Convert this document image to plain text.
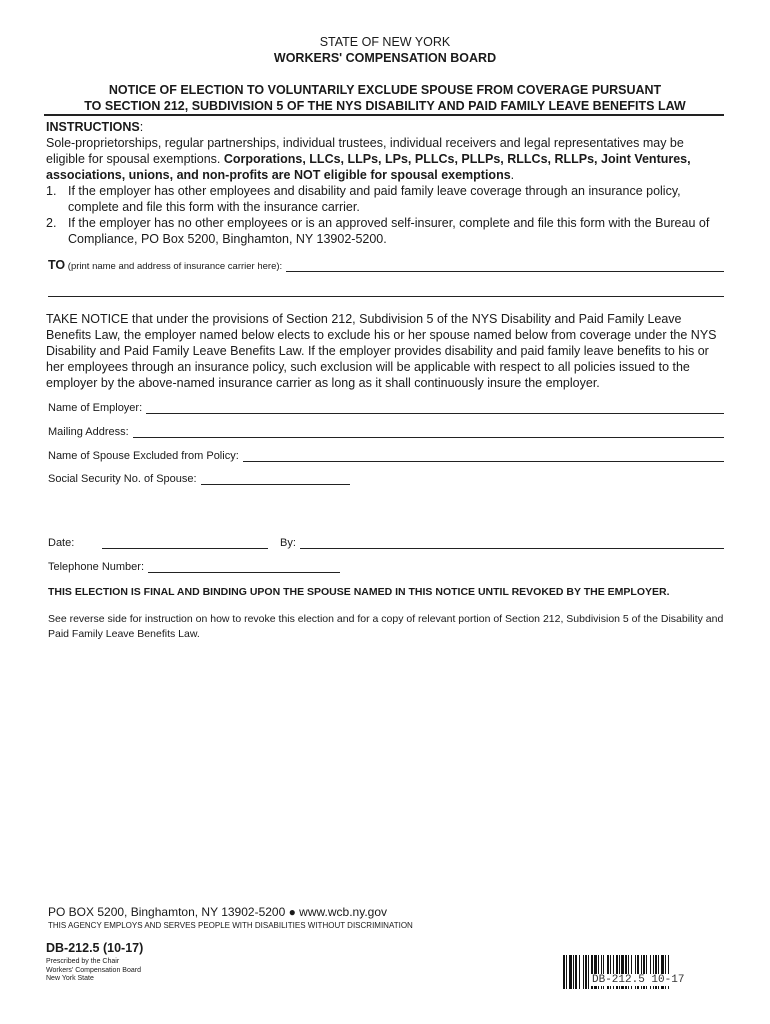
STATE OF NEW YORK
WORKERS' COMPENSATION BOARD
NOTICE OF ELECTION TO VOLUNTARILY EXCLUDE SPOUSE FROM COVERAGE PURSUANT
TO SECTION 212, SUBDIVISION 5 OF THE NYS DISABILITY AND PAID FAMILY LEAVE BENEFITS LAW
INSTRUCTIONS:
Sole-proprietorships, regular partnerships, individual trustees, individual receivers and legal representatives may be eligible for spousal exemptions. Corporations, LLCs, LLPs, LPs, PLLCs, PLLPs, RLLCs, RLLPs, Joint Ventures, associations, unions, and non-profits are NOT eligible for spousal exemptions.
1. If the employer has other employees and disability and paid family leave coverage through an insurance policy, complete and file this form with the insurance carrier.
2. If the employer has no other employees or is an approved self-insurer, complete and file this form with the Bureau of Compliance, PO Box 5200, Binghamton, NY 13902-5200.
TO (print name and address of insurance carrier here):
TAKE NOTICE that under the provisions of Section 212, Subdivision 5 of the NYS Disability and Paid Family Leave Benefits Law, the employer named below elects to exclude his or her spouse named below from coverage under the NYS Disability and Paid Family Leave Benefits Law. If the employer provides disability and paid family leave benefits to his or her employees through an insurance policy, such exclusion will be applicable with respect to all policies issued to the employer by the above-named insurance carrier as long as it shall continuously insure the employer.
Name of Employer:
Mailing Address:
Name of Spouse Excluded from Policy:
Social Security No. of Spouse:
Date:	By:
Telephone Number:
THIS ELECTION IS FINAL AND BINDING UPON THE SPOUSE NAMED IN THIS NOTICE UNTIL REVOKED BY THE EMPLOYER.
See reverse side for instruction on how to revoke this election and for a copy of relevant portion of Section 212, Subdivision 5 of the Disability and Paid Family Leave Benefits Law.
PO BOX 5200, Binghamton, NY 13902-5200 ● www.wcb.ny.gov
THIS AGENCY EMPLOYS AND SERVES PEOPLE WITH DISABILITIES WITHOUT DISCRIMINATION
DB-212.5 (10-17)
Prescribed by the Chair
Workers' Compensation Board
New York State	DB-212.5 10-17
